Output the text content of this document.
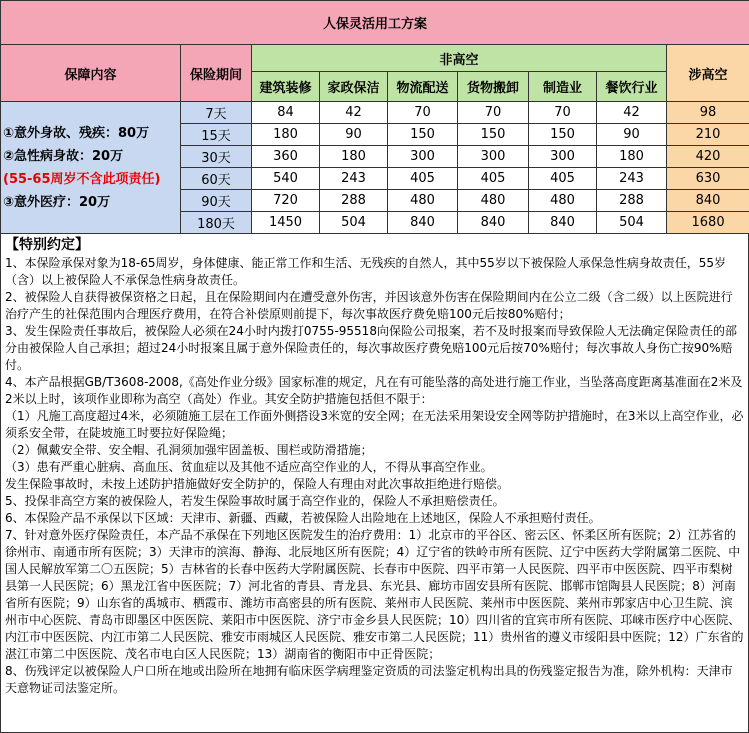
人保灵活用工方案								
保障内容	保险期间	非高空						涉高空
		建筑装修	家政保洁	物流配送	货物搬卸	制造业	餐饮行业	

①意外身故、残疾：80万
②急性病身故：20万
(55-65周岁不含此项责任)
③意外医疗：20万	7天	84	42	70	70	70	42	98
	15天	180	90	150	150	150	90	210
	30天	360	180	300	300	300	180	420
	60天	540	243	405	405	405	243	630
	90天	720	288	480	480	480	288	840
	180天	1450	504	840	840	840	504	1680

【特别约定】

1、本保险承保对象为18-65周岁，身体健康、能正常工作和生活、无残疾的自然人，其中55岁以下被保险人承保急性病身故责任，55岁（含）以上被保险人不承保急性病身故责任。

2、被保险人自获得被保资格之日起，且在保险期间内在遭受意外伤害，并因该意外伤害在保险期间内在公立二级（含二级）以上医院进行治疗产生的社保范围内合理医疗费用，在符合补偿原则前提下，每次事故医疗费免赔100元后按80%赔付；

3、发生保险责任事故后，被保险人必须在24小时内拨打0755-95518向保险公司报案，若不及时报案而导致保险人无法确定保险责任的部分由被保险人自己承担；超过24小时报案且属于意外保险责任的，每次事故医疗费免赔100元后按70%赔付；每次事故人身伤亡按90%赔付。

4、本产品根据GB/T3608-2008,《高处作业分级》国家标准的规定，凡在有可能坠落的高处进行施工作业，当坠落高度距离基准面在2米及2米以上时，该项作业即称为高空（高处）作业。其安全防护措施包括但不限于：

（1）凡施工高度超过4米，必须随施工层在工作面外侧搭设3米宽的安全网；在无法采用架设安全网等防护措施时，在3米以上高空作业，必须系安全带，在陡坡施工时要拉好保险绳；

（2）佩戴安全带、安全帽、孔洞须加强牢固盖板、围栏或防滑措施；

（3）患有严重心脏病、高血压、贫血症以及其他不适应高空作业的人，不得从事高空作业。

发生保险事故时，未按上述防护措施做好安全防护的，保险人有理由对此次事故拒绝进行赔偿。

5、投保非高空方案的被保险人，若发生保险事故时属于高空作业的，保险人不承担赔偿责任。

6、本保险产品不承保以下区域：天津市、新疆、西藏，若被保险人出险地在上述地区，保险人不承担赔付责任。

7、针对意外医疗保险责任，本产品不承保在下列地区医院发生的治疗费用：1）北京市的平谷区、密云区、怀柔区所有医院；2）江苏省的徐州市、南通市所有医院；3）天津市的滨海、静海、北辰地区所有医院；4）辽宁省的铁岭市所有医院、辽宁中医药大学附属第二医院、中国人民解放军第二〇五医院；5）吉林省的长春中医药大学附属医院、长春市中医院、四平市第一人民医院、四平市中医医院、四平市梨树县第一人民医院；6）黑龙江省中医医院；7）河北省的青县、青龙县、东光县、廊坊市固安县所有医院、邯郸市馆陶县人民医院；8）河南省所有医院；9）山东省的禹城市、栖霞市、潍坊市高密县的所有医院、莱州市人民医院、莱州市中医医院、莱州市郭家店中心卫生院、滨州市中心医院、青岛市即墨区中医医院、莱阳市中医医院、济宁市金乡县人民医院；10）四川省的宜宾市所有医院、邛崃市医疗中心医院、内江市中医医院、内江市第二人民医院、雅安市雨城区人民医院、雅安市第二人民医院；11）贵州省的遵义市绥阳县中医院；12）广东省的湛江市第二中医医院、茂名市电白区人民医院；13）湖南省的衡阳市中正骨医院；

8、伤残评定以被保险人户口所在地或出险所在地拥有临床医学病理鉴定资质的司法鉴定机构出具的伤残鉴定报告为准，除外机构：天津市天意物证司法鉴定所。
